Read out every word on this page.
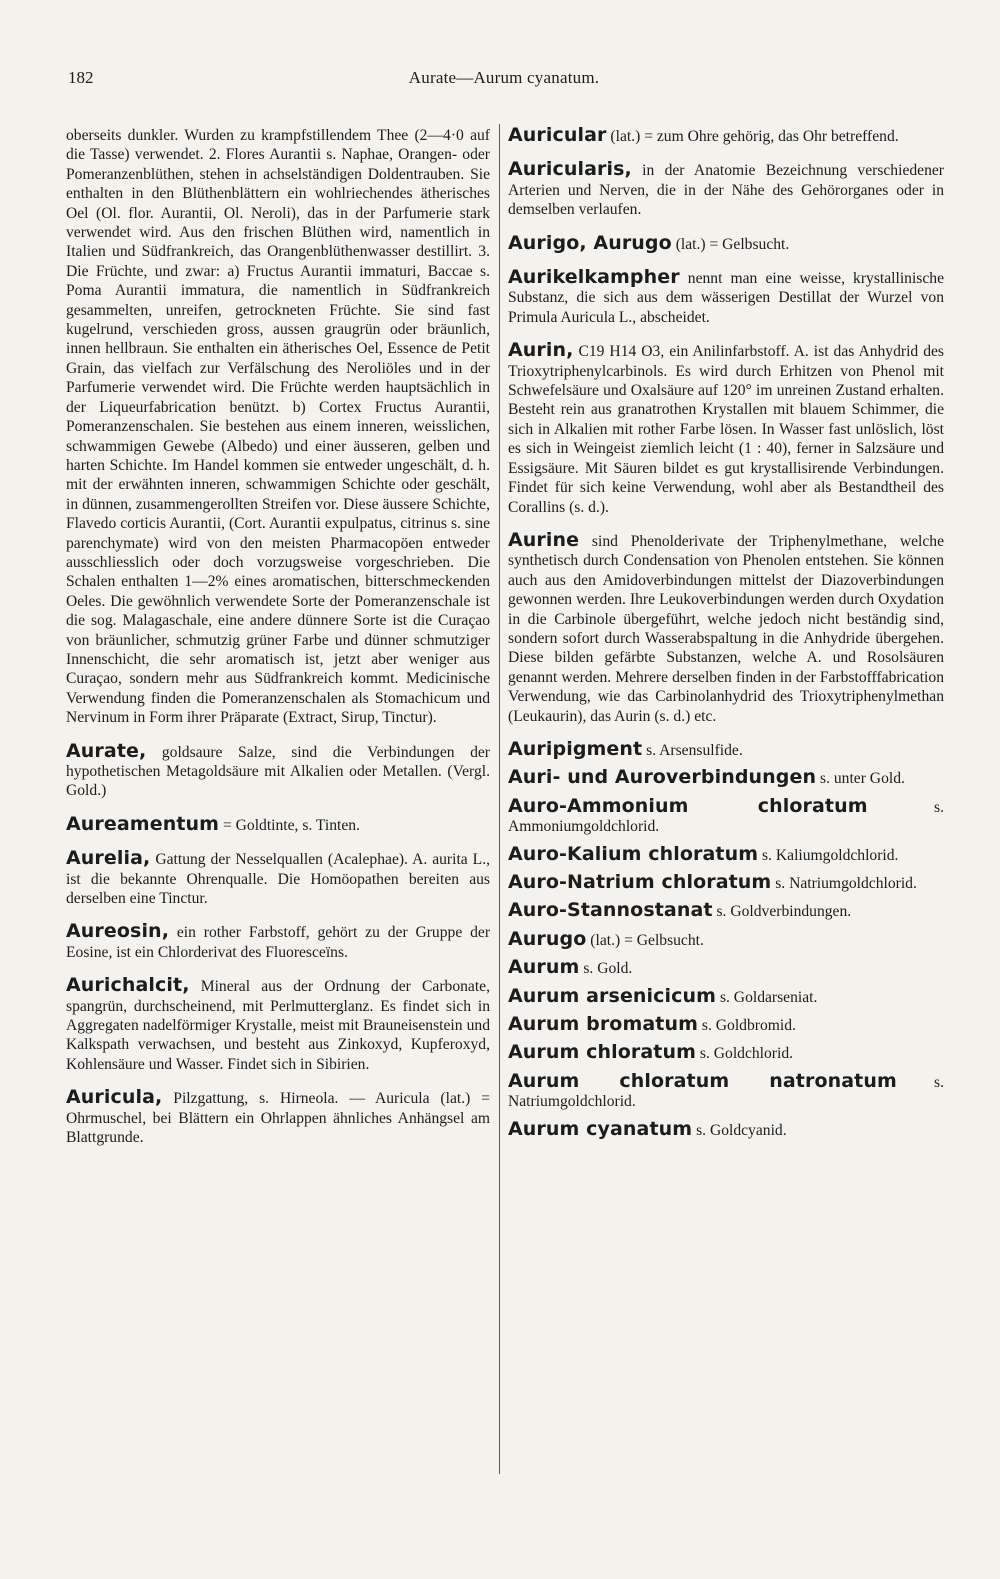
182	Aurate—Aurum cyanatum.

oberseits dunkler. Wurden zu krampfstillendem Thee (2—4·0 auf die Tasse) verwendet. 2. Flores Aurantii s. Naphae, Orangen- oder Pomeranzenblüthen, stehen in achselständigen Doldentrauben. Sie enthalten in den Blüthenblättern ein wohlriechendes ätherisches Oel (Ol. flor. Aurantii, Ol. Neroli), das in der Parfumerie stark verwendet wird. Aus den frischen Blüthen wird, namentlich in Italien und Südfrankreich, das Orangenblüthenwasser destillirt. 3. Die Früchte, und zwar: a) Fructus Aurantii immaturi, Baccae s. Poma Aurantii immatura, die namentlich in Südfrankreich gesammelten, unreifen, getrockneten Früchte. Sie sind fast kugelrund, verschieden gross, aussen graugrün oder bräunlich, innen hellbraun. Sie enthalten ein ätherisches Oel, Essence de Petit Grain, das vielfach zur Verfälschung des Neroliöles und in der Parfumerie verwendet wird. Die Früchte werden hauptsächlich in der Liqueurfabrication benützt. b) Cortex Fructus Aurantii, Pomeranzenschalen. Sie bestehen aus einem inneren, weisslichen, schwammigen Gewebe (Albedo) und einer äusseren, gelben und harten Schichte. Im Handel kommen sie entweder ungeschält, d. h. mit der erwähnten inneren, schwammigen Schichte oder geschält, in dünnen, zusammengerollten Streifen vor. Diese äussere Schichte, Flavedo corticis Aurantii, (Cort. Aurantii expulpatus, citrinus s. sine parenchymate) wird von den meisten Pharmacopöen entweder ausschliesslich oder doch vorzugsweise vorgeschrieben. Die Schalen enthalten 1—2% eines aromatischen, bitterschmeckenden Oeles. Die gewöhnlich verwendete Sorte der Pomeranzenschale ist die sog. Malagaschale, eine andere dünnere Sorte ist die Curaçao von bräunlicher, schmutzig grüner Farbe und dünner schmutziger Innenschicht, die sehr aromatisch ist, jetzt aber weniger aus Curaçao, sondern mehr aus Südfrankreich kommt. Medicinische Verwendung finden die Pomeranzenschalen als Stomachicum und Nervinum in Form ihrer Präparate (Extract, Sirup, Tinctur).

Aurate, goldsaure Salze, sind die Verbindungen der hypothetischen Metagoldsäure mit Alkalien oder Metallen. (Vergl. Gold.)

Aureamentum = Goldtinte, s. Tinten.

Aurelia, Gattung der Nesselquallen (Acalephae). A. aurita L., ist die bekannte Ohrenqualle. Die Homöopathen bereiten aus derselben eine Tinctur.

Aureosin, ein rother Farbstoff, gehört zu der Gruppe der Eosine, ist ein Chlorderivat des Fluoresceïns.

Aurichalcit, Mineral aus der Ordnung der Carbonate, spangrün, durchscheinend, mit Perlmutterglanz. Es findet sich in Aggregaten nadelförmiger Krystalle, meist mit Brauneisenstein und Kalkspath verwachsen, und besteht aus Zinkoxyd, Kupferoxyd, Kohlensäure und Wasser. Findet sich in Sibirien.

Auricula, Pilzgattung, s. Hirneola. — Auricula (lat.) = Ohrmuschel, bei Blättern ein Ohrlappen ähnliches Anhängsel am Blattgrunde.

Auricular (lat.) = zum Ohre gehörig, das Ohr betreffend.

Auricularis, in der Anatomie Bezeichnung verschiedener Arterien und Nerven, die in der Nähe des Gehörorganes oder in demselben verlaufen.

Aurigo, Aurugo (lat.) = Gelbsucht.

Aurikelkampher nennt man eine weisse, krystallinische Substanz, die sich aus dem wässerigen Destillat der Wurzel von Primula Auricula L., abscheidet.

Aurin, C19 H14 O3, ein Anilinfarbstoff. A. ist das Anhydrid des Trioxytriphenylcarbinols. Es wird durch Erhitzen von Phenol mit Schwefelsäure und Oxalsäure auf 120° im unreinen Zustand erhalten. Besteht rein aus granatrothen Krystallen mit blauem Schimmer, die sich in Alkalien mit rother Farbe lösen. In Wasser fast unlöslich, löst es sich in Weingeist ziemlich leicht (1 : 40), ferner in Salzsäure und Essigsäure. Mit Säuren bildet es gut krystallisirende Verbindungen. Findet für sich keine Verwendung, wohl aber als Bestandtheil des Corallins (s. d.).

Aurine sind Phenolderivate der Triphenylmethane, welche synthetisch durch Condensation von Phenolen entstehen. Sie können auch aus den Amidoverbindungen mittelst der Diazoverbindungen gewonnen werden. Ihre Leukoverbindungen werden durch Oxydation in die Carbinole übergeführt, welche jedoch nicht beständig sind, sondern sofort durch Wasserabspaltung in die Anhydride übergehen. Diese bilden gefärbte Substanzen, welche A. und Rosolsäuren genannt werden. Mehrere derselben finden in der Farbstofffabrication Verwendung, wie das Carbinolanhydrid des Trioxytriphenylmethan (Leukaurin), das Aurin (s. d.) etc.

Auripigment s. Arsensulfide.

Auri- und Auroverbindungen s. unter Gold.

Auro-Ammonium chloratum	s. Ammoniumgoldchlorid.

Auro-Kalium chloratum s. Kaliumgoldchlorid.

Auro-Natrium chloratum s. Natriumgoldchlorid.

Auro-Stannostanat s. Goldverbindungen.

Aurugo (lat.) = Gelbsucht.

Aurum s. Gold.

Aurum arsenicicum s. Goldarseniat.

Aurum bromatum s. Goldbromid.

Aurum chloratum s. Goldchlorid.

Aurum chloratum natronatum s. Natriumgoldchlorid.

Aurum cyanatum s. Goldcyanid.
